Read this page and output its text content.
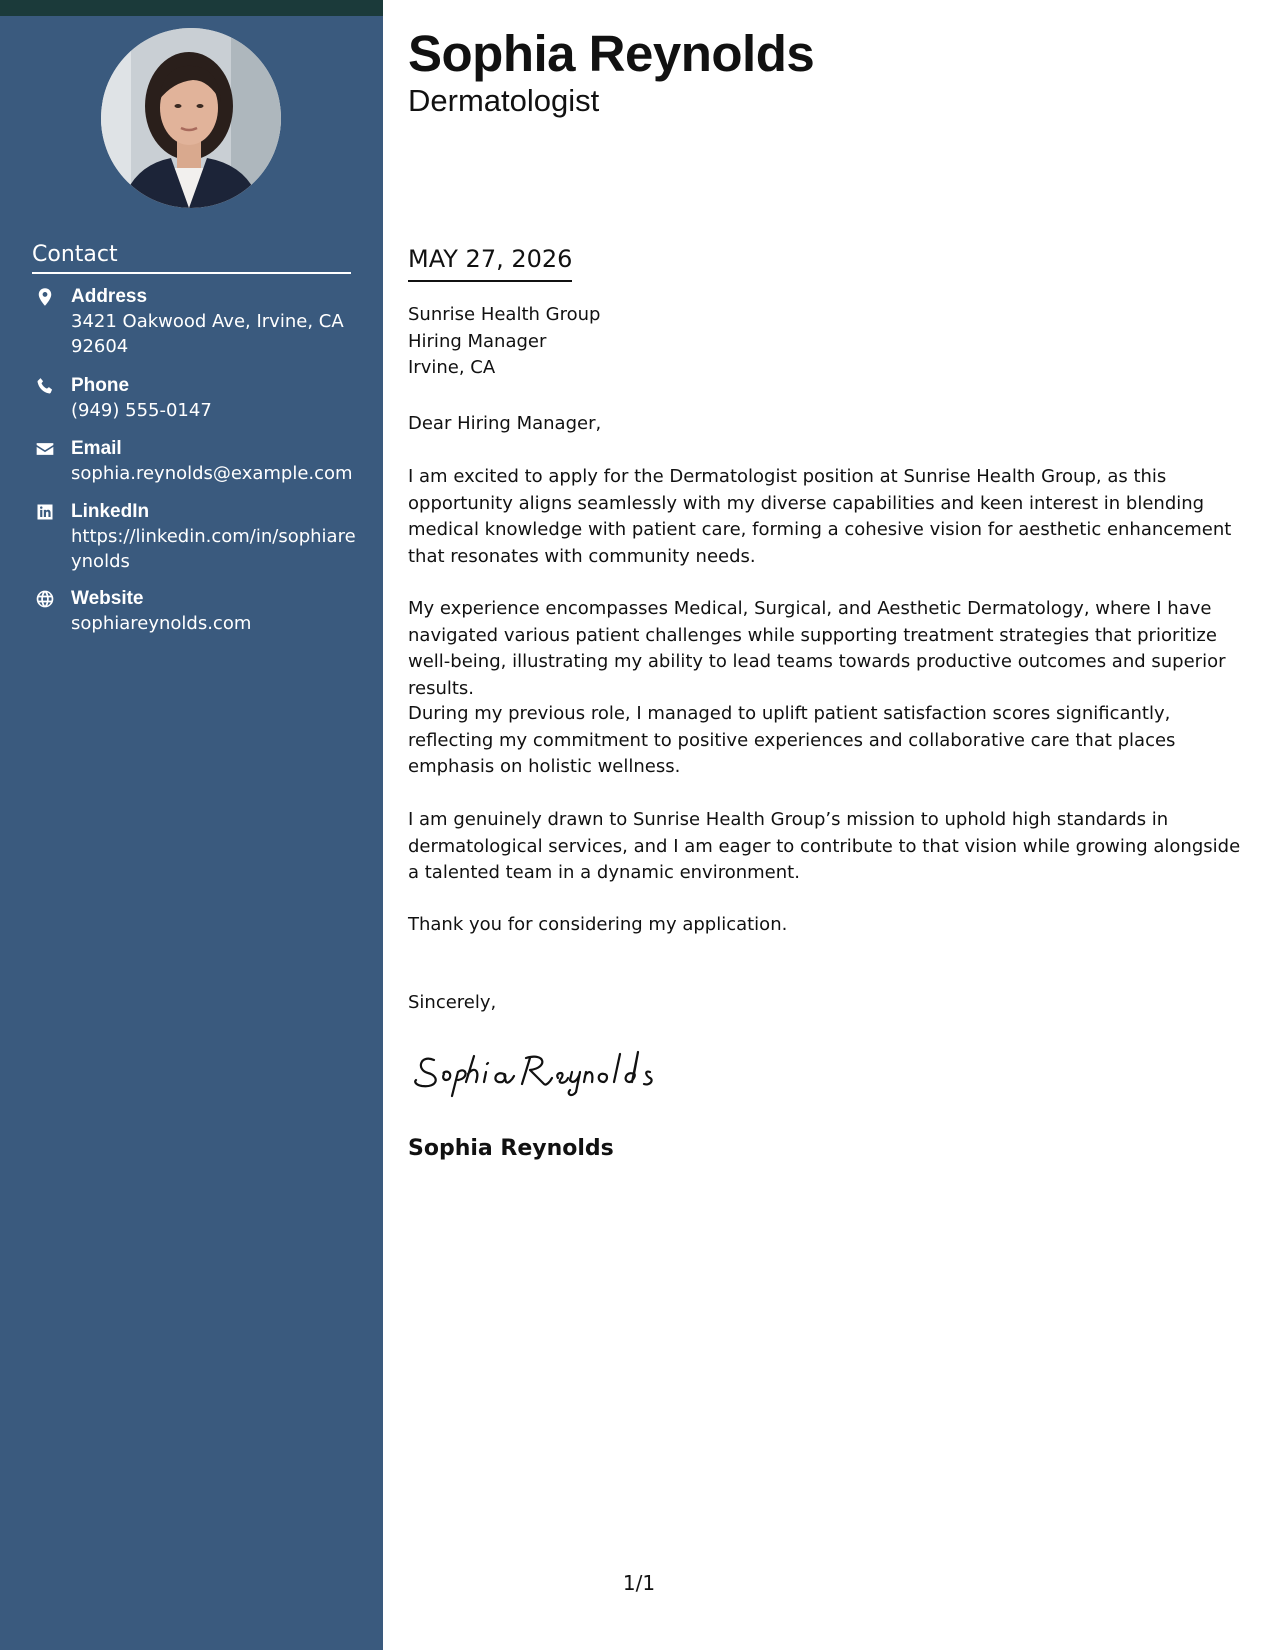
Contact
Address
3421 Oakwood Ave, Irvine, CA 92604
Phone
(949) 555-0147
Email
sophia.reynolds@example.com
LinkedIn
https://linkedin.com/in/sophiareynolds
Website
sophiareynolds.com
Sophia Reynolds
Dermatologist
MAY 27, 2026
Sunrise Health Group
Hiring Manager
Irvine, CA

Dear Hiring Manager,

I am excited to apply for the Dermatologist position at Sunrise Health Group, as this opportunity aligns seamlessly with my diverse capabilities and keen interest in blending medical knowledge with patient care, forming a cohesive vision for aesthetic enhancement that resonates with community needs.

My experience encompasses Medical, Surgical, and Aesthetic Dermatology, where I have navigated various patient challenges while supporting treatment strategies that prioritize well-being, illustrating my ability to lead teams towards productive outcomes and superior results.

During my previous role, I managed to uplift patient satisfaction scores significantly, reflecting my commitment to positive experiences and collaborative care that places emphasis on holistic wellness.

I am genuinely drawn to Sunrise Health Group’s mission to uphold high standards in dermatological services, and I am eager to contribute to that vision while growing alongside a talented team in a dynamic environment.

Thank you for considering my application.

Sincerely,

Sophia Reynolds
1/1
